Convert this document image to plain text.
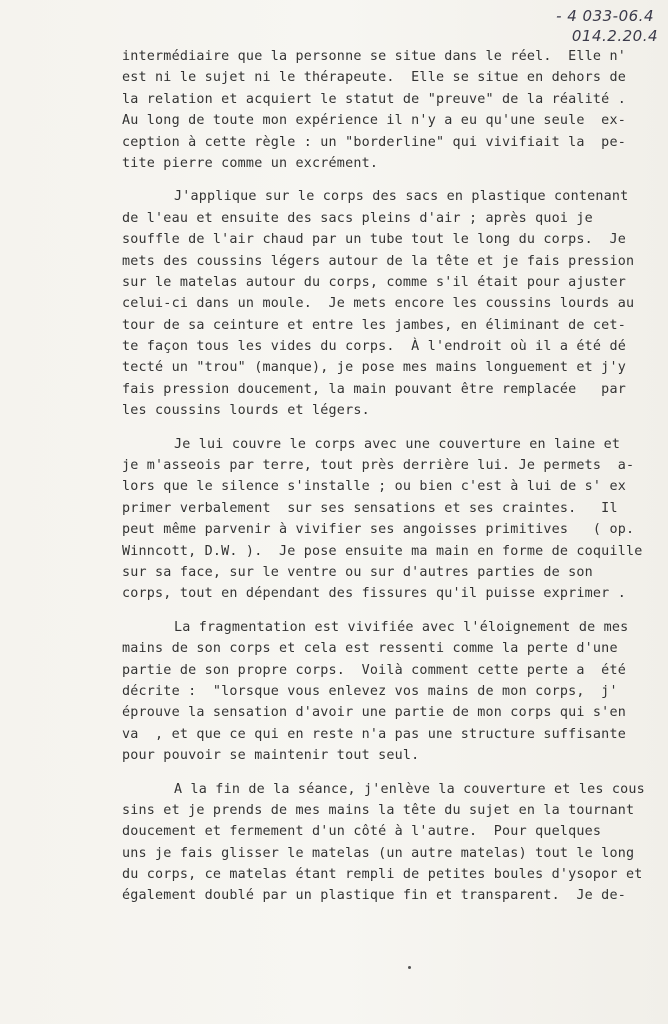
- 4 033-06.4
014.2.20.4
intermédiaire que la personne se situe dans le réel.  Elle n'
est ni le sujet ni le thérapeute.  Elle se situe en dehors de
la relation et acquiert le statut de "preuve" de la réalité .
Au long de toute mon expérience il n'y a eu qu'une seule  ex-
ception à cette règle : un "borderline" qui vivifiait la  pe-
tite pierre comme un excrément.
J'applique sur le corps des sacs en plastique contenant
de l'eau et ensuite des sacs pleins d'air ; après quoi je
souffle de l'air chaud par un tube tout le long du corps.  Je
mets des coussins légers autour de la tête et je fais pression
sur le matelas autour du corps, comme s'il était pour ajuster
celui-ci dans un moule.  Je mets encore les coussins lourds au
tour de sa ceinture et entre les jambes, en éliminant de cet-
te façon tous les vides du corps.  À l'endroit où il a été dé
tecté un "trou" (manque), je pose mes mains longuement et j'y
fais pression doucement, la main pouvant être remplacée   par
les coussins lourds et légers.
Je lui couvre le corps avec une couverture en laine et
je m'asseois par terre, tout près derrière lui. Je permets  a-
lors que le silence s'installe ; ou bien c'est à lui de s' ex
primer verbalement  sur ses sensations et ses craintes.   Il
peut même parvenir à vivifier ses angoisses primitives   ( op.
Winncott, D.W. ).  Je pose ensuite ma main en forme de coquille
sur sa face, sur le ventre ou sur d'autres parties de son
corps, tout en dépendant des fissures qu'il puisse exprimer .
La fragmentation est vivifiée avec l'éloignement de mes
mains de son corps et cela est ressenti comme la perte d'une
partie de son propre corps.  Voilà comment cette perte a  été
décrite :  "lorsque vous enlevez vos mains de mon corps,  j'
éprouve la sensation d'avoir une partie de mon corps qui s'en
va  , et que ce qui en reste n'a pas une structure suffisante
pour pouvoir se maintenir tout seul.
A la fin de la séance, j'enlève la couverture et les cous
sins et je prends de mes mains la tête du sujet en la tournant
doucement et fermement d'un côté à l'autre.  Pour quelques
uns je fais glisser le matelas (un autre matelas) tout le long
du corps, ce matelas étant rempli de petites boules d'ysopor et
également doublé par un plastique fin et transparent.  Je de-
